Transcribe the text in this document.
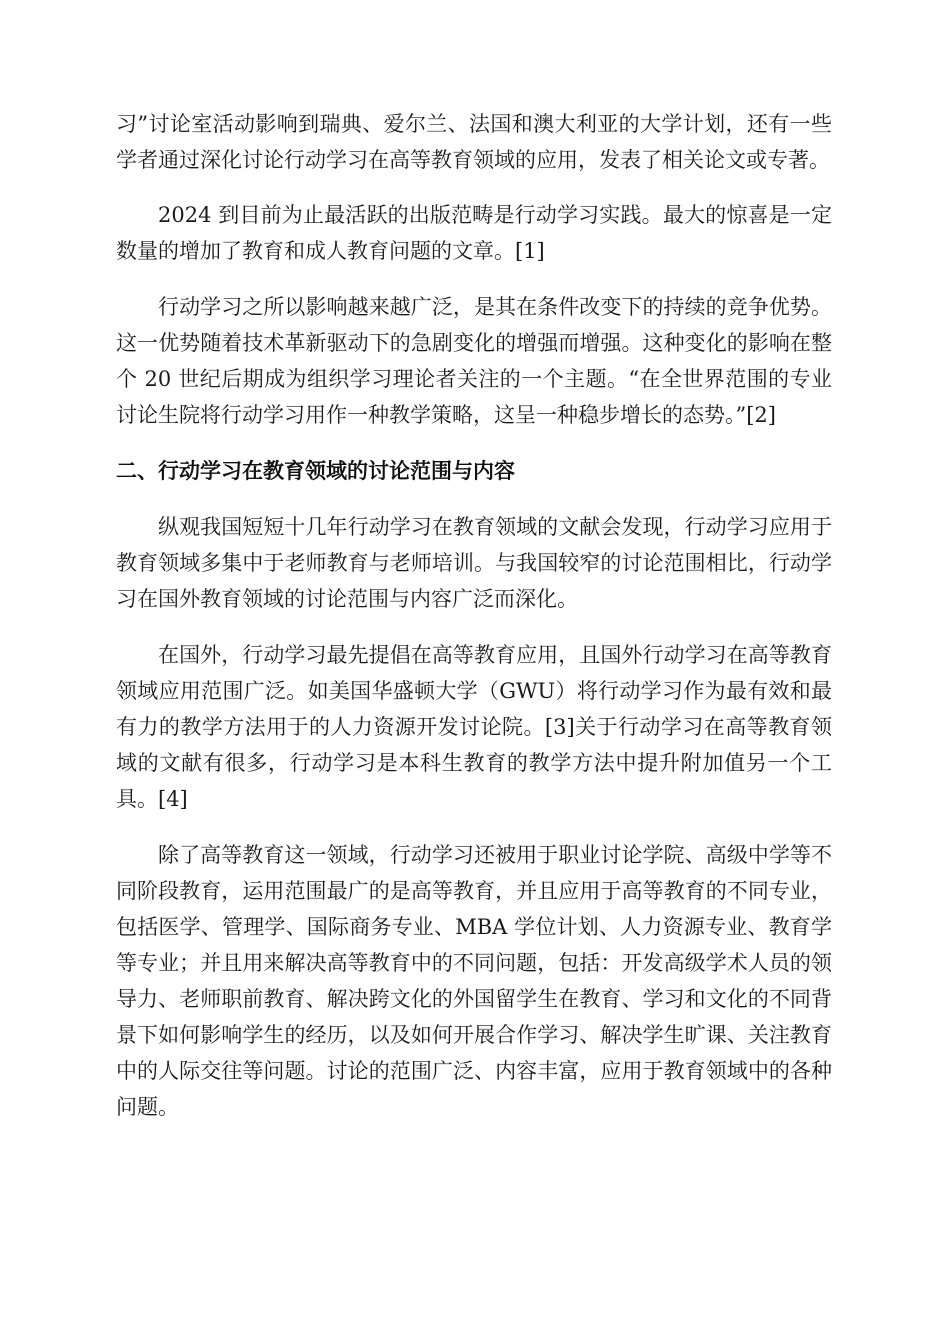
习”讨论室活动影响到瑞典、爱尔兰、法国和澳大利亚的大学计划，还有一些学者通过深化讨论行动学习在高等教育领域的应用，发表了相关论文或专著。

2024 到目前为止最活跃的出版范畴是行动学习实践。最大的惊喜是一定数量的增加了教育和成人教育问题的文章。[1]

行动学习之所以影响越来越广泛，是其在条件改变下的持续的竞争优势。这一优势随着技术革新驱动下的急剧变化的增强而增强。这种变化的影响在整个 20 世纪后期成为组织学习理论者关注的一个主题。“在全世界范围的专业讨论生院将行动学习用作一种教学策略，这呈一种稳步增长的态势。”[2]

二、行动学习在教育领域的讨论范围与内容

纵观我国短短十几年行动学习在教育领域的文献会发现，行动学习应用于教育领域多集中于老师教育与老师培训。与我国较窄的讨论范围相比，行动学习在国外教育领域的讨论范围与内容广泛而深化。

在国外，行动学习最先提倡在高等教育应用，且国外行动学习在高等教育领域应用范围广泛。如美国华盛顿大学（GWU）将行动学习作为最有效和最有力的教学方法用于的人力资源开发讨论院。[3]关于行动学习在高等教育领域的文献有很多，行动学习是本科生教育的教学方法中提升附加值另一个工具。[4]

除了高等教育这一领域，行动学习还被用于职业讨论学院、高级中学等不同阶段教育，运用范围最广的是高等教育，并且应用于高等教育的不同专业，包括医学、管理学、国际商务专业、MBA 学位计划、人力资源专业、教育学等专业；并且用来解决高等教育中的不同问题，包括：开发高级学术人员的领导力、老师职前教育、解决跨文化的外国留学生在教育、学习和文化的不同背景下如何影响学生的经历，以及如何开展合作学习、解决学生旷课、关注教育中的人际交往等问题。讨论的范围广泛、内容丰富，应用于教育领域中的各种问题。
